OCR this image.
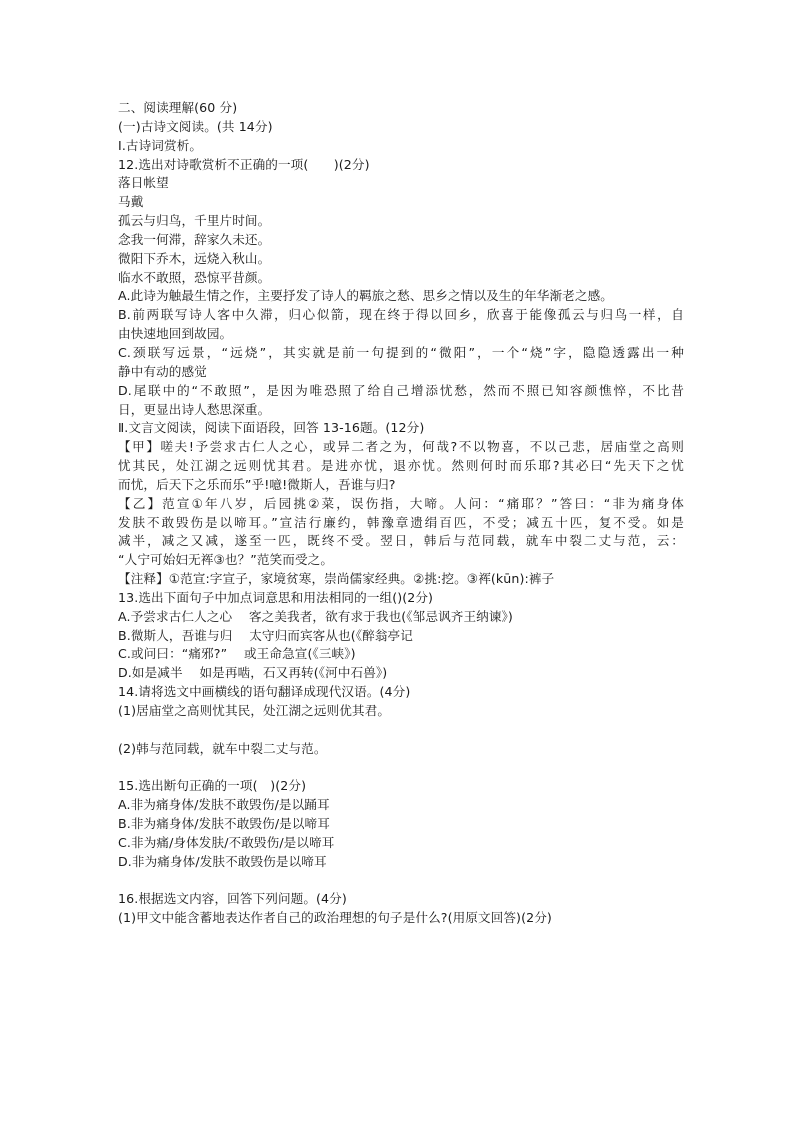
二、阅读理解(60 分)
(一)古诗文阅读。(共 14分)
I.古诗词赏析。
12.选出对诗歌赏析不正确的一项(　　)(2分)
落日帐望
马戴
孤云与归鸟，千里片时间。
念我一何滞，辞家久未还。
微阳下乔木，远烧入秋山。
临水不敢照，恐惊平昔颜。
A.此诗为触最生情之作，主要抒发了诗人的羁旅之愁、思乡之情以及生的年华渐老之感。
B.前两联写诗人客中久滞，归心似箭，现在终于得以回乡，欣喜于能像孤云与归鸟一样，自
由快速地回到故园。
C.颈联写远景，“远烧”，其实就是前一句提到的“微阳”，一个“烧”字，隐隐透露出一种
静中有动的感觉
D.尾联中的“不敢照”，是因为唯恐照了给自己增添忧愁，然而不照已知容颜憔悴，不比昔
日，更显出诗人愁思深重。
Ⅱ.文言文阅读，阅读下面语段，回答 13-16题。(12分)
【甲】嗟夫!予尝求古仁人之心，或异二者之为，何哉?不以物喜，不以己悲，居庙堂之高则
忧其民，处江湖之远则忧其君。是进亦忧，退亦忧。然则何时而乐耶?其必曰“先天下之忧
而忧，后天下之乐而乐”乎!噫!微斯人，吾谁与归?
【乙】范宣①年八岁，后园挑②菜，误伤指，大啼。人问：“痛耶？”答曰：“非为痛身体
发肤不敢毁伤是以啼耳。”宣洁行廉约，韩豫章遗绢百匹，不受；减五十匹，复不受。如是
减半，减之又减，遂至一匹，既终不受。翌日，韩后与范同载，就车中裂二丈与范，云：
“人宁可始妇无裈③也？”范笑而受之。
【注释】①范宣:字宣子，家境贫寒，崇尚儒家经典。②挑:挖。③裈(kūn):裤子
13.选出下面句子中加点词意思和用法相同的一组()(2分)
A.予尝求古仁人之心　 客之美我者，欲有求于我也(《邹忌讽齐王纳谏》)
B.微斯人，吾谁与归　 太守归而宾客从也(《醉翁亭记
C.或问曰：“痛邪?”　 或王命急宣(《三峡》)
D.如是减半　 如是再啮，石又再转(《河中石兽》)
14.请将选文中画横线的语句翻译成现代汉语。(4分)
(1)居庙堂之高则忧其民，处江湖之远则优其君。
(2)韩与范同载，就车中裂二丈与范。
15.选出断句正确的一项(　)(2分)
A.非为痛身体/发肤不敢毁伤/是以踊耳
B.非为痛身体/发肤不敢毁伤/是以啼耳
C.非为痛/身体发肤/不敢毁伤/是以啼耳
D.非为痛身体/发肤不敢毁伤是以啼耳
16.根据选文内容，回答下列问题。(4分)
(1)甲文中能含蓄地表达作者自己的政治理想的句子是什么?(用原文回答)(2分)
